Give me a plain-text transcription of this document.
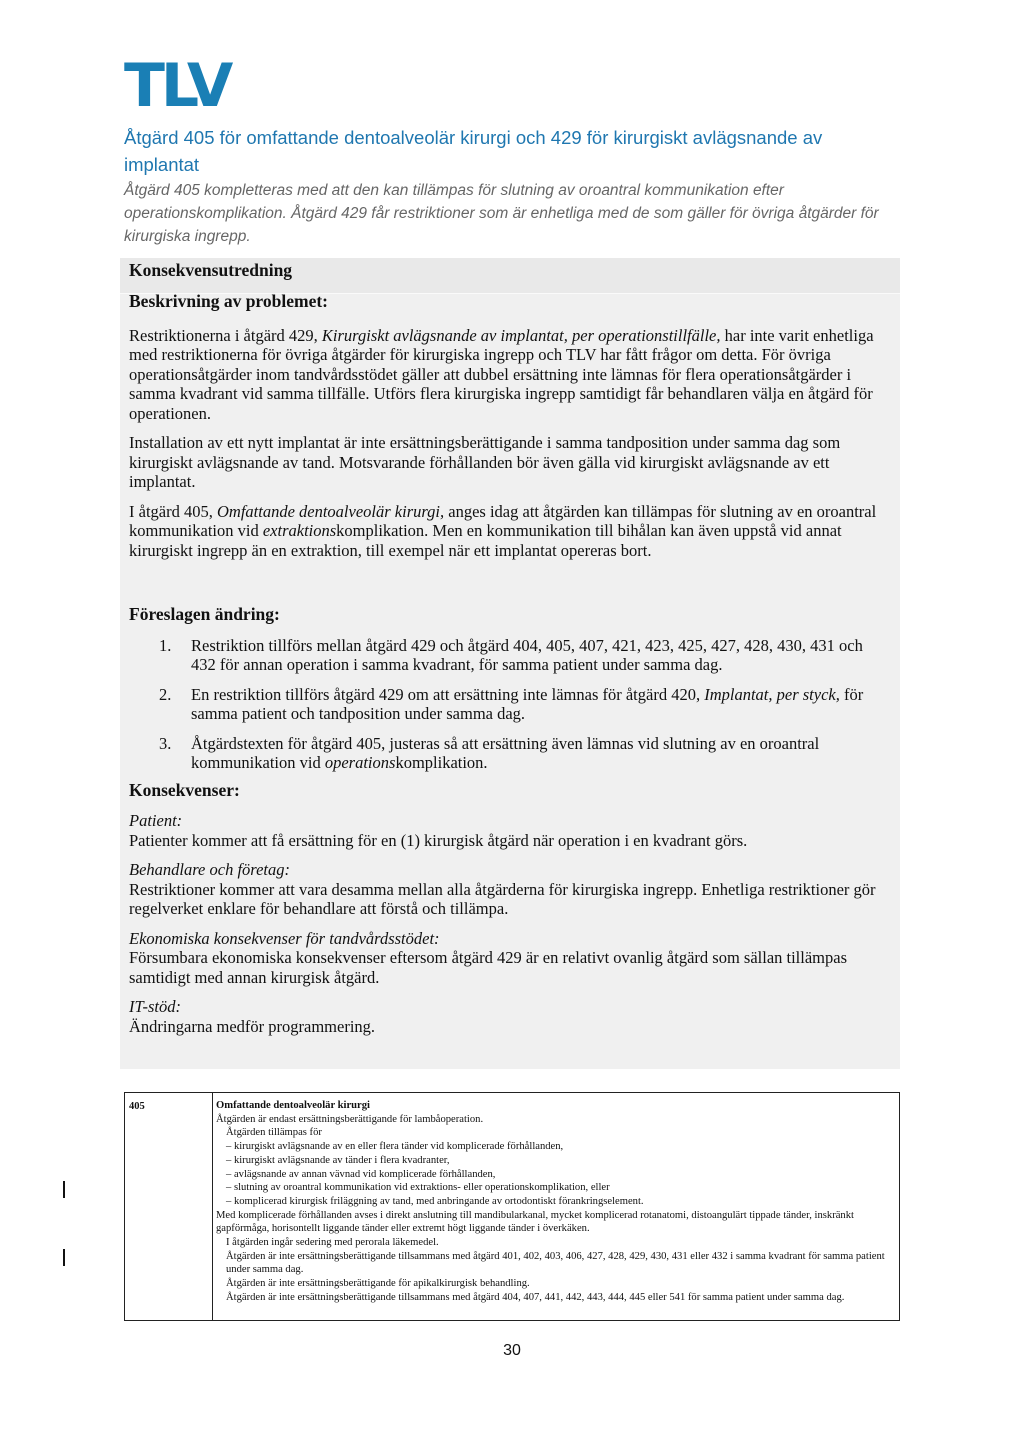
TLV
Åtgärd 405 för omfattande dentoalveolär kirurgi och 429 för kirurgiskt avlägsnande av implantat
Åtgärd 405 kompletteras med att den kan tillämpas för slutning av oroantral kommunikation efter operationskomplikation. Åtgärd 429 får restriktioner som är enhetliga med de som gäller för övriga åtgärder för kirurgiska ingrepp.
Konsekvensutredning

Beskrivning av problemet:

Restriktionerna i åtgärd 429, Kirurgiskt avlägsnande av implantat, per operationstillfälle, har inte varit enhetliga med restriktionerna för övriga åtgärder för kirurgiska ingrepp och TLV har fått frågor om detta. För övriga operationsåtgärder inom tandvårdsstödet gäller att dubbel ersättning inte lämnas för flera operationsåtgärder i samma kvadrant vid samma tillfälle. Utförs flera kirurgiska ingrepp samtidigt får behandlaren välja en åtgärd för operationen.

Installation av ett nytt implantat är inte ersättningsberättigande i samma tandposition under samma dag som kirurgiskt avlägsnande av tand. Motsvarande förhållanden bör även gälla vid kirurgiskt avlägsnande av ett implantat.

I åtgärd 405, Omfattande dentoalveolär kirurgi, anges idag att åtgärden kan tillämpas för slutning av en oroantral kommunikation vid extraktionskomplikation. Men en kommunikation till bihålan kan även uppstå vid annat kirurgiskt ingrepp än en extraktion, till exempel när ett implantat opereras bort.

Föreslagen ändring:

1. Restriktion tillförs mellan åtgärd 429 och åtgärd 404, 405, 407, 421, 423, 425, 427, 428, 430, 431 och 432 för annan operation i samma kvadrant, för samma patient under samma dag.
2. En restriktion tillförs åtgärd 429 om att ersättning inte lämnas för åtgärd 420, Implantat, per styck, för samma patient och tandposition under samma dag.
3. Åtgärdstexten för åtgärd 405, justeras så att ersättning även lämnas vid slutning av en oroantral kommunikation vid operationskomplikation.

Konsekvenser:

Patient:

Patienter kommer att få ersättning för en (1) kirurgisk åtgärd när operation i en kvadrant görs.

Behandlare och företag:

Restriktioner kommer att vara desamma mellan alla åtgärderna för kirurgiska ingrepp. Enhetliga restriktioner gör regelverket enklare för behandlare att förstå och tillämpa.

Ekonomiska konsekvenser för tandvårdsstödet:

Försumbara ekonomiska konsekvenser eftersom åtgärd 429 är en relativt ovanlig åtgärd som sällan tillämpas samtidigt med annan kirurgisk åtgärd.

IT-stöd:

Ändringarna medför programmering.

405	Omfattande dentoalveolär kirurgi
Åtgärden är endast ersättningsberättigande för lambåoperation.
Åtgärden tillämpas för
– kirurgiskt avlägsnande av en eller flera tänder vid komplicerade förhållanden,
– kirurgiskt avlägsnande av tänder i flera kvadranter,
– avlägsnande av annan vävnad vid komplicerade förhållanden,
– slutning av oroantral kommunikation vid extraktions- eller operationskomplikation, eller
– komplicerad kirurgisk friläggning av tand, med anbringande av ortodontiskt förankringselement.
Med komplicerade förhållanden avses i direkt anslutning till mandibularkanal, mycket komplicerad rotanatomi, distoangulärt tippade tänder, inskränkt gapförmåga, horisontellt liggande tänder eller extremt högt liggande tänder i överkäken.
I åtgärden ingår sedering med perorala läkemedel.
Åtgärden är inte ersättningsberättigande tillsammans med åtgärd 401, 402, 403, 406, 427, 428, 429, 430, 431 eller 432 i samma kvadrant för samma patient under samma dag.
Åtgärden är inte ersättningsberättigande för apikalkirurgisk behandling.
Åtgärden är inte ersättningsberättigande tillsammans med åtgärd 404, 407, 441, 442, 443, 444, 445 eller 541 för samma patient under samma dag.
30
